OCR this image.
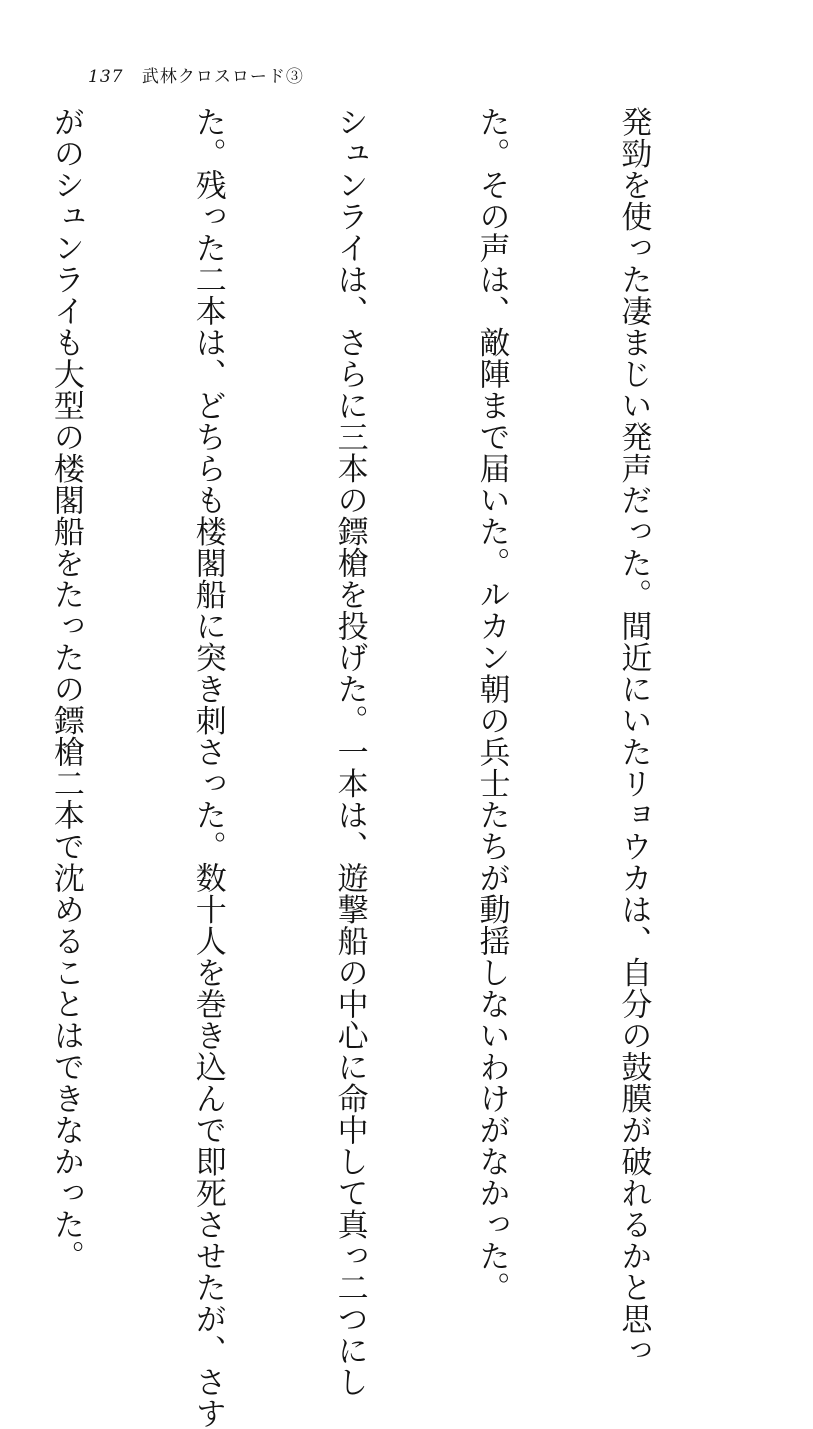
137 武林クロスロード③

発勁を使った凄まじい発声だった。間近にいたリョウカは、自分の鼓膜が破れるかと思っ

た。その声は、敵陣まで届いた。ルカン朝の兵士たちが動揺しないわけがなかった。

シュンライは、さらに三本の鏢槍を投げた。一本は、遊撃船の中心に命中して真っ二つにし

た。残った二本は、どちらも楼閣船に突き刺さった。数十人を巻き込んで即死させたが、さす

がのシュンライも大型の楼閣船をたったの鏢槍二本で沈めることはできなかった。
